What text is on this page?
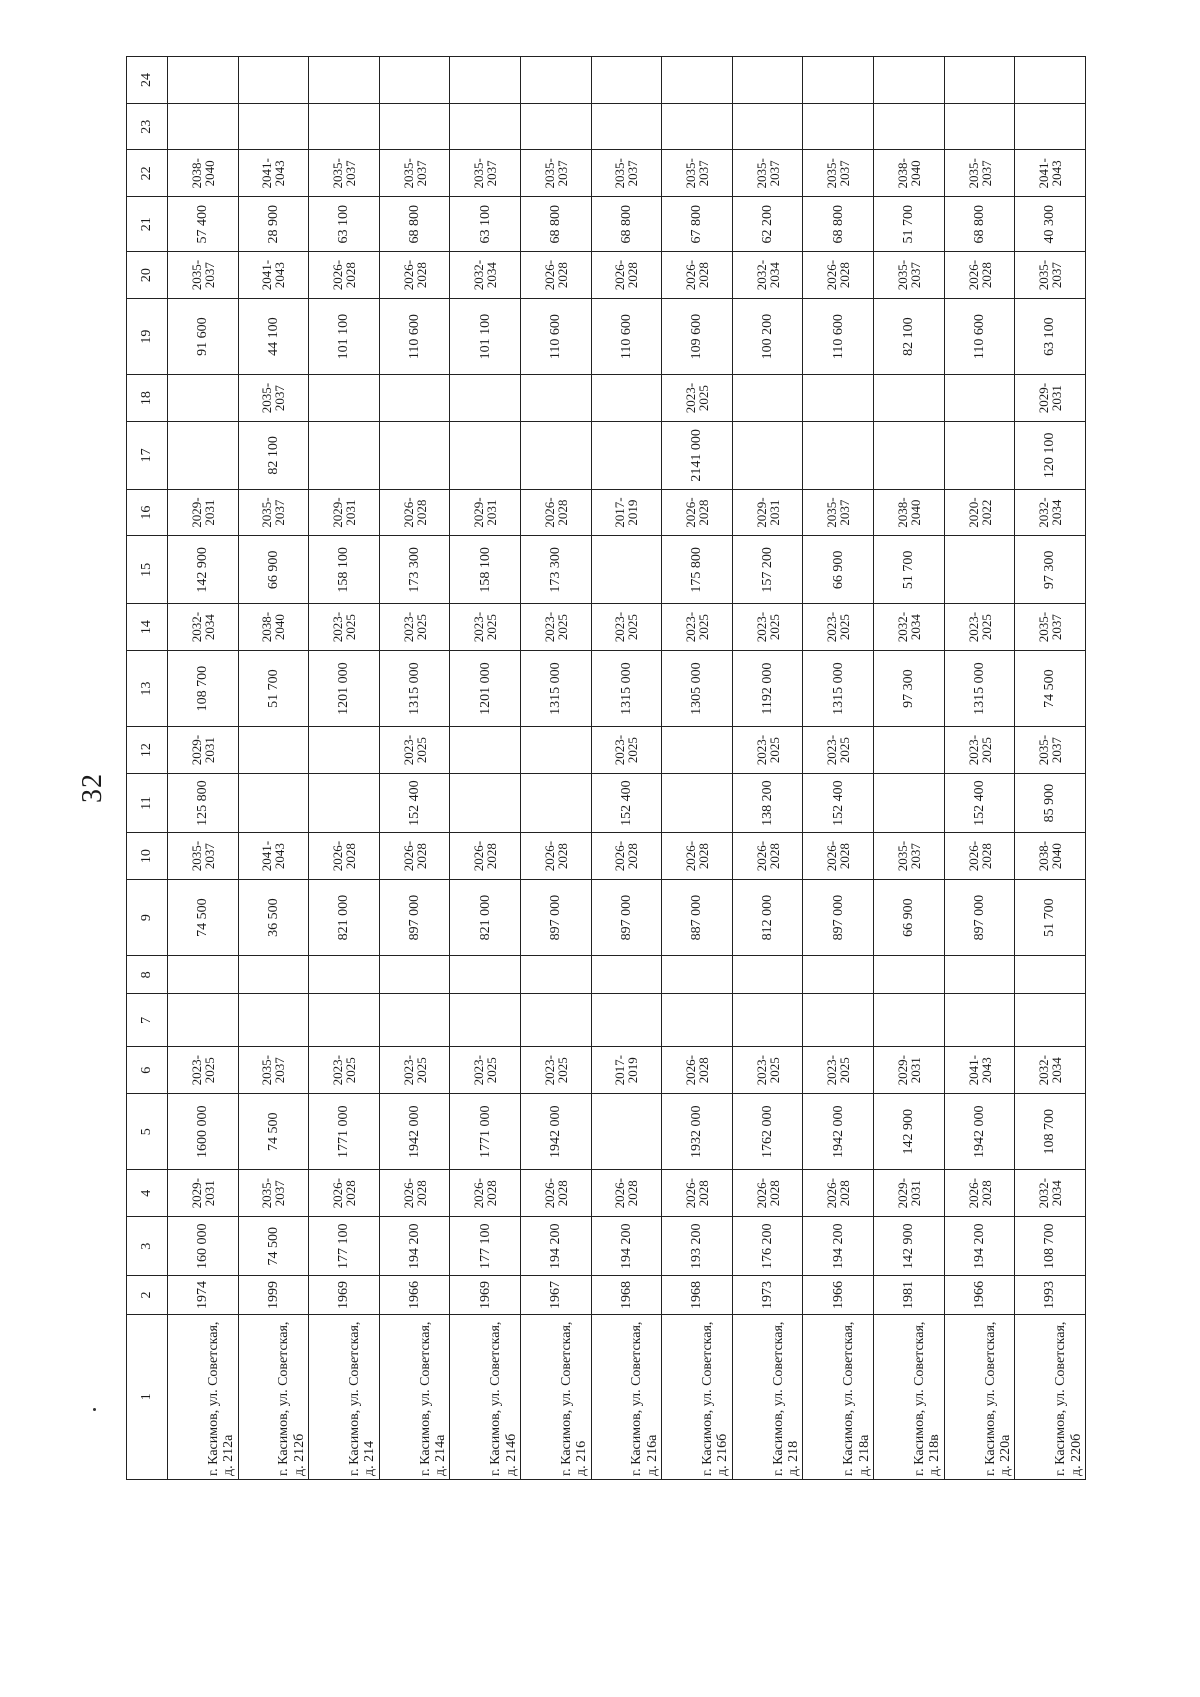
32
1	2	3	4	5	6	7	8	9	10	11	12	13	14	15	16	17	18	19	20	21	22	23	24
г. Касимов, ул. Советская, д. 212а	1974	160 000	2029-2031	1600 000	2023-2025			74 500	2035-2037	125 800	2029-2031	108 700	2032-2034	142 900	2029-2031			91 600	2035-2037	57 400	2038-2040		
г. Касимов, ул. Советская, д. 212б	1999	74 500	2035-2037	74 500	2035-2037			36 500	2041-2043			51 700	2038-2040	66 900	2035-2037	82 100	2035-2037	44 100	2041-2043	28 900	2041-2043		
г. Касимов, ул. Советская, д. 214	1969	177 100	2026-2028	1771 000	2023-2025			821 000	2026-2028			1201 000	2023-2025	158 100	2029-2031			101 100	2026-2028	63 100	2035-2037		
г. Касимов, ул. Советская, д. 214а	1966	194 200	2026-2028	1942 000	2023-2025			897 000	2026-2028	152 400	2023-2025	1315 000	2023-2025	173 300	2026-2028			110 600	2026-2028	68 800	2035-2037		
г. Касимов, ул. Советская, д. 214б	1969	177 100	2026-2028	1771 000	2023-2025			821 000	2026-2028			1201 000	2023-2025	158 100	2029-2031			101 100	2032-2034	63 100	2035-2037		
г. Касимов, ул. Советская, д. 216	1967	194 200	2026-2028	1942 000	2023-2025			897 000	2026-2028			1315 000	2023-2025	173 300	2026-2028			110 600	2026-2028	68 800	2035-2037		
г. Касимов, ул. Советская, д. 216а	1968	194 200	2026-2028		2017-2019			897 000	2026-2028	152 400	2023-2025	1315 000	2023-2025		2017-2019			110 600	2026-2028	68 800	2035-2037		
г. Касимов, ул. Советская, д. 216б	1968	193 200	2026-2028	1932 000	2026-2028			887 000	2026-2028			1305 000	2023-2025	175 800	2026-2028	2141 000	2023-2025	109 600	2026-2028	67 800	2035-2037		
г. Касимов, ул. Советская, д. 218	1973	176 200	2026-2028	1762 000	2023-2025			812 000	2026-2028	138 200	2023-2025	1192 000	2023-2025	157 200	2029-2031			100 200	2032-2034	62 200	2035-2037		
г. Касимов, ул. Советская, д. 218а	1966	194 200	2026-2028	1942 000	2023-2025			897 000	2026-2028	152 400	2023-2025	1315 000	2023-2025	66 900	2035-2037			110 600	2026-2028	68 800	2035-2037		
г. Касимов, ул. Советская, д. 218в	1981	142 900	2029-2031	142 900	2029-2031			66 900	2035-2037			97 300	2032-2034	51 700	2038-2040			82 100	2035-2037	51 700	2038-2040		
г. Касимов, ул. Советская, д. 220а	1966	194 200	2026-2028	1942 000	2041-2043			897 000	2026-2028	152 400	2023-2025	1315 000	2023-2025		2020-2022			110 600	2026-2028	68 800	2035-2037		
г. Касимов, ул. Советская, д. 220б	1993	108 700	2032-2034	108 700	2032-2034			51 700	2038-2040	85 900	2035-2037	74 500	2035-2037	97 300	2032-2034	120 100	2029-2031	63 100	2035-2037	40 300	2041-2043		
